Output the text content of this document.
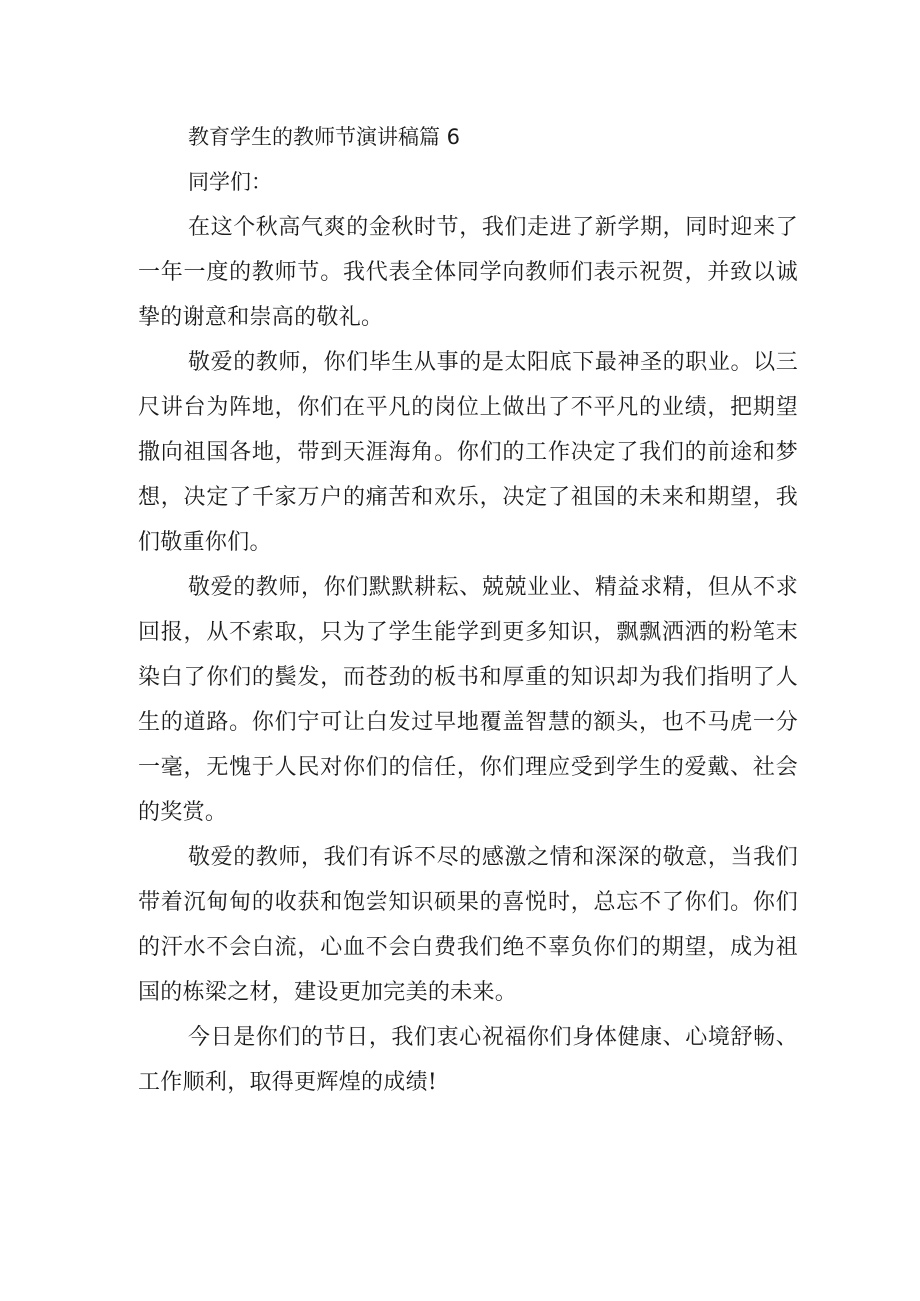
教育学生的教师节演讲稿篇 6

同学们：

在这个秋高气爽的金秋时节，我们走进了新学期，同时迎来了一年一度的教师节。我代表全体同学向教师们表示祝贺，并致以诚挚的谢意和崇高的敬礼。

敬爱的教师，你们毕生从事的是太阳底下最神圣的职业。以三尺讲台为阵地，你们在平凡的岗位上做出了不平凡的业绩，把期望撒向祖国各地，带到天涯海角。你们的工作决定了我们的前途和梦想，决定了千家万户的痛苦和欢乐，决定了祖国的未来和期望，我们敬重你们。

敬爱的教师，你们默默耕耘、兢兢业业、精益求精，但从不求回报，从不索取，只为了学生能学到更多知识，飘飘洒洒的粉笔末染白了你们的鬓发，而苍劲的板书和厚重的知识却为我们指明了人生的道路。你们宁可让白发过早地覆盖智慧的额头，也不马虎一分一毫，无愧于人民对你们的信任，你们理应受到学生的爱戴、社会的奖赏。

敬爱的教师，我们有诉不尽的感激之情和深深的敬意，当我们带着沉甸甸的收获和饱尝知识硕果的喜悦时，总忘不了你们。你们的汗水不会白流，心血不会白费我们绝不辜负你们的期望，成为祖国的栋梁之材，建设更加完美的未来。

今日是你们的节日，我们衷心祝福你们身体健康、心境舒畅、工作顺利，取得更辉煌的成绩!
